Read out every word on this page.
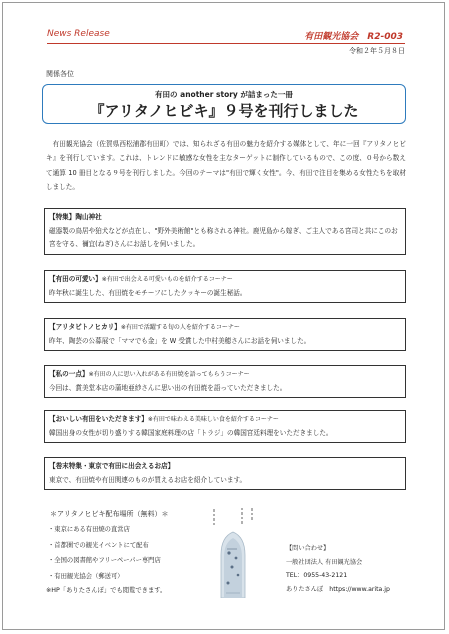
News Release	有田観光協会　R2-003
令和２年５月８日
関係各位
有田の another story が詰まった一冊
『アリタノヒビキ』９号を刊行しました
有田観光協会（佐賀県西松浦郡有田町）では、知られざる有田の魅力を紹介する媒体として、年に一回『アリタノヒビキ』を刊行しています。これは、トレンドに敏感な女性を主なターゲットに制作しているもので、この度、０号から数えて通算 10 冊目となる９号を刊行しました。今回のテーマは"有田で輝く女性"。今、有田で注目を集める女性たちを取材しました。

【特集】陶山神社

磁器製の鳥居や狛犬などが点在し、"野外美術館"とも称される神社。鹿児島から嫁ぎ、ご主人である宮司と共にこのお宮を守る、禰宜(ねぎ)さんにお話しを伺いました。

【有田の可愛い】※有田で出会える可愛いものを紹介するコーナー

昨年秋に誕生した、有田焼をモチーフにしたクッキーの誕生秘話。

【アリタビトノヒカリ】※有田で活躍する旬の人を紹介するコーナー

昨年、陶芸の公募展で「ママでも金」を W 受賞した中村美穂さんにお話を伺いました。

【私の一点】※有田の人に思い入れがある有田焼を語ってもらうコーナー

今回は、賞美堂本店の蒲地亜紗さんに思い出の有田焼を語っていただきました。

【おいしい有田をいただきます】※有田で味わえる美味しい食を紹介するコーナー

韓国出身の女性が切り盛りする韓国家庭料理の店「トラジ」の韓国宮廷料理をいただきました。

【巻末特集・東京で有田に出会えるお店】

東京で、有田焼や有田関連のものが買えるお店を紹介しています。

＊アリタノヒビキ配布場所（無料）＊
・東京にある有田焼の直営店
・首都圏での観光イベントにて配布
・全国の図書館やフリーペーパー専門店
・有田観光協会（郵送可）
※HP「ありたさんぽ」でも閲覧できます。
【問い合わせ】
一般社団法人 有田観光協会
TEL：0955-43-2121
ありたさんぽ　https://www.arita.jp
